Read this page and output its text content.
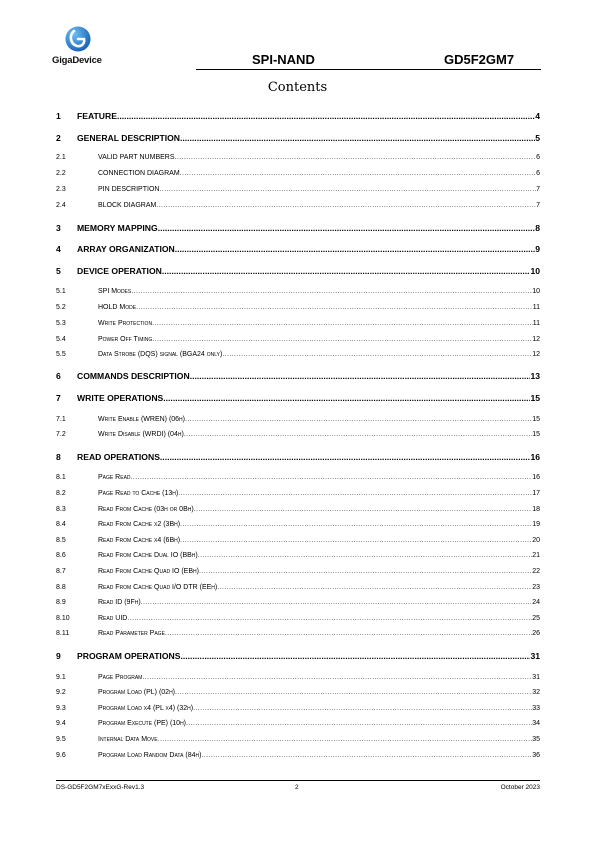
GigaDevice	SPI-NAND	GD5F2GM7
Contents
1	FEATURE .....	4
2	GENERAL DESCRIPTION .....	5
2.1	VALID PART NUMBERS .....	6
2.2	CONNECTION DIAGRAM .....	6
2.3	PIN DESCRIPTION .....	7
2.4	BLOCK DIAGRAM .....	7
3	MEMORY MAPPING .....	8
4	ARRAY ORGANIZATION .....	9
5	DEVICE OPERATION .....	10
5.1	SPI Modes .....	10
5.2	HOLD Mode .....	11
5.3	Write Protection .....	11
5.4	Power Off Timing .....	12
5.5	Data Strobe (DQS) signal (BGA24 only) .....	12
6	COMMANDS DESCRIPTION .....	13
7	WRITE OPERATIONS .....	15
7.1	Write Enable (WREN) (06h) .....	15
7.2	Write Disable (WRDI) (04h) .....	15
8	READ OPERATIONS .....	16
8.1	Page Read .....	16
8.2	Page Read to Cache (13h) .....	17
8.3	Read From Cache (03h or 0Bh) .....	18
8.4	Read From Cache x2 (3Bh) .....	19
8.5	Read From Cache x4 (6Bh) .....	20
8.6	Read From Cache Dual IO (BBh) .....	21
8.7	Read From Cache Quad IO (EBh) .....	22
8.8	Read From Cache Quad I/O DTR (EEh) .....	23
8.9	Read ID (9Fh) .....	24
8.10	Read UID .....	25
8.11	Read Parameter Page .....	26
9	PROGRAM OPERATIONS .....	31
9.1	Page Program .....	31
9.2	Program Load (PL) (02h) .....	32
9.3	Program Load x4 (PL x4) (32h) .....	33
9.4	Program Execute (PE) (10h) .....	34
9.5	Internal Data Move .....	35
9.6	Program Load Random Data (84h) .....	36
DS-GD5F2GM7xExxG-Rev1.3	2	October 2023
